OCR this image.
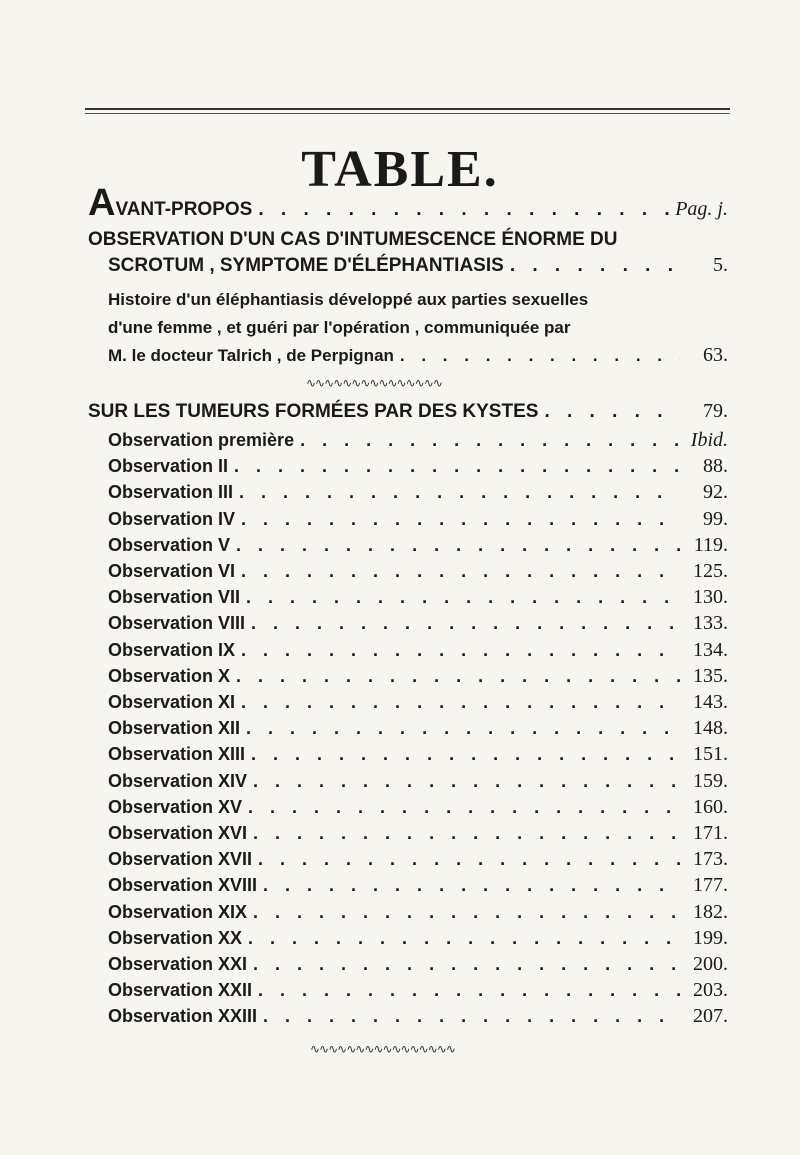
TABLE.
AVANT-PROPOS . . .	Pag. j.
OBSERVATION D'UN CAS D'INTUMESCENCE ÉNORME DU
SCROTUM , SYMPTOME D'ÉLÉPHANTIASIS . . .	5.
Histoire d'un éléphantiasis développé aux parties sexuelles
d'une femme , et guéri par l'opération , communiquée par
M. le docteur Talrich , de Perpignan . . .	63.
∿∿∿∿∿∿∿∿∿∿∿∿∿∿∿
SUR LES TUMEURS FORMÉES PAR DES KYSTES . . .	79.
Observation première . . .	Ibid.
Observation II . . .	88.
Observation III . . .	92.
Observation IV . . .	99.
Observation V . . .	119.
Observation VI . . .	125.
Observation VII . . .	130.
Observation VIII . . .	133.
Observation IX . . .	134.
Observation X . . .	135.
Observation XI . . .	143.
Observation XII . . .	148.
Observation XIII . . .	151.
Observation XIV . . .	159.
Observation XV . . .	160.
Observation XVI . . .	171.
Observation XVII . . .	173.
Observation XVIII . . .	177.
Observation XIX . . .	182.
Observation XX . . .	199.
Observation XXI . . .	200.
Observation XXII . . .	203.
Observation XXIII . . .	207.
∿∿∿∿∿∿∿∿∿∿∿∿∿∿∿∿
